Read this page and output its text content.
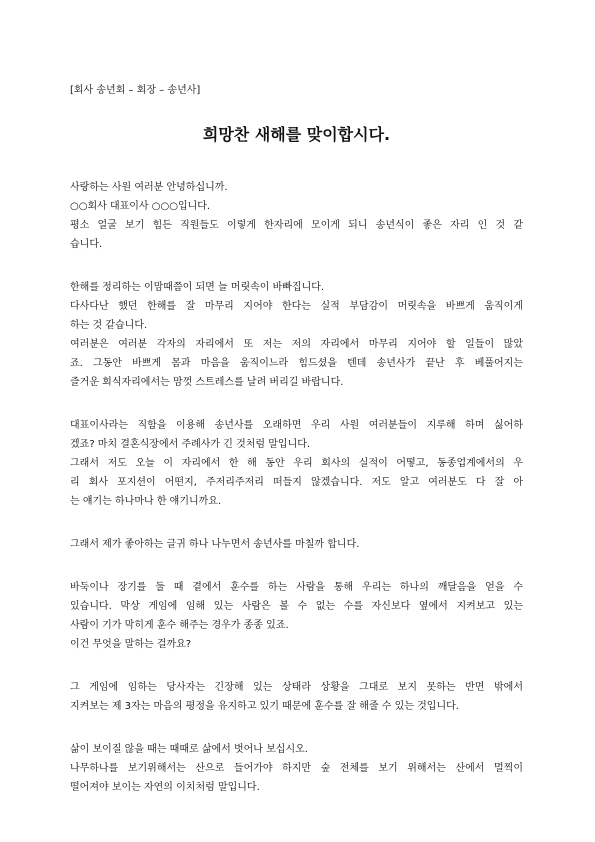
[회사 송년회 – 회장 – 송년사]
희망찬 새해를 맞이합시다.
사랑하는 사원 여러분 안녕하십니까.
○○회사 대표이사 ○○○입니다.
평소 얼굴 보기 힘든 직원들도 이렇게 한자리에 모이게 되니 송년식이 좋은 자리 인 것 같
습니다.
한해를 정리하는 이맘때쯤이 되면 늘 머릿속이 바빠집니다.
다사다난 했던 한해를 잘 마무리 지어야 한다는 실적 부담감이 머릿속을 바쁘게 움직이게
하는 것 같습니다.
여러분은 여러분 각자의 자리에서 또 저는 저의 자리에서 마무리 지어야 할 일들이 많았
죠. 그동안 바쁘게 몸과 마음을 움직이느라 힘드셨을 텐데 송년사가 끝난 후 베풀어지는
즐거운 회식자리에서는 맘껏 스트레스를 날려 버리길 바랍니다.
대표이사라는 직함을 이용해 송년사를 오래하면 우리 사원 여러분들이 지루해 하며 싫어하
겠죠? 마치 결혼식장에서 주례사가 긴 것처럼 말입니다.
그래서 저도 오늘 이 자리에서 한 해 동안 우리 회사의 실적이 어떻고, 동종업계에서의 우
리 회사 포지션이 어떤지, 주저리주저리 떠들지 않겠습니다. 저도 알고 여러분도 다 잘 아
는 얘기는 하나마나 한 얘기니까요.
그래서 제가 좋아하는 글귀 하나 나누면서 송년사를 마칠까 합니다.
바둑이나 장기를 둘 때 곁에서 훈수를 하는 사람을 통해 우리는 하나의 깨달음을 얻을 수
있습니다. 막상 게임에 임해 있는 사람은 볼 수 없는 수를 자신보다 옆에서 지켜보고 있는
사람이 기가 막히게 훈수 해주는 경우가 종종 있죠.
이건 무엇을 말하는 걸까요?
그 게임에 임하는 당사자는 긴장해 있는 상태라 상황을 그대로 보지 못하는 반면 밖에서
지켜보는 제 3자는 마음의 평정을 유지하고 있기 때문에 훈수를 잘 해줄 수 있는 것입니다.
삶이 보이질 않을 때는 때때로 삶에서 벗어나 보십시오.
나무하나를 보기위해서는 산으로 들어가야 하지만 숲 전체를 보기 위해서는 산에서 멀찍이
떨어져야 보이는 자연의 이치처럼 말입니다.
